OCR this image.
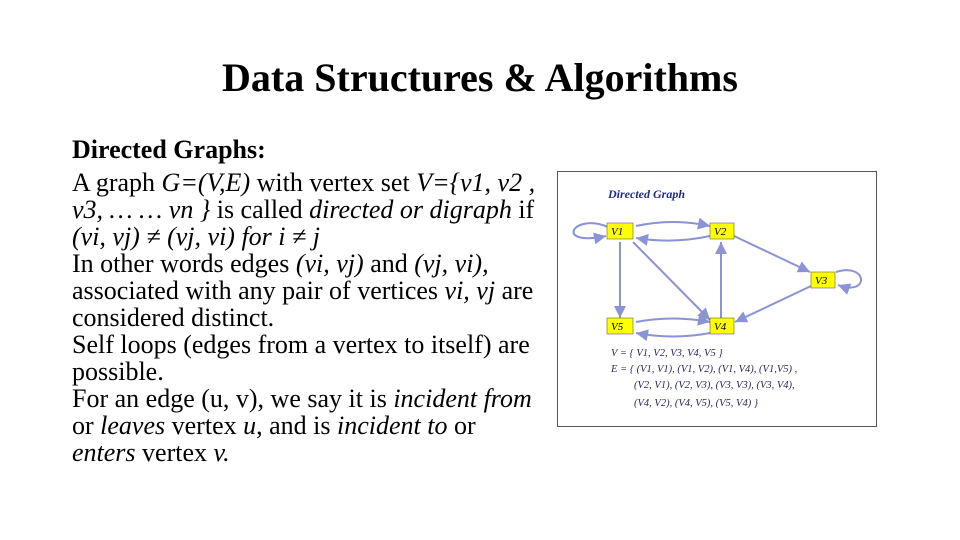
Data Structures & Algorithms

Directed Graphs:

A graph G=(V,E) with vertex set V={v1, v2 , v3, … … vn } is called directed or digraph if (vi, vj) ≠ (vj, vi) for i ≠ j

In other words edges (vi, vj) and (vj, vi), associated with any pair of vertices vi, vj are considered distinct.

Self loops (edges from a vertex to itself) are possible.

For an edge (u, v), we say it is incident from or leaves vertex u, and is incident to or enters vertex v.

Directed Graph
V1	V2
V3
V4
V5
V = { V1, V2, V3, V4, V5 }
E = { (V1, V1), (V1, V2), (V1, V4), (V1,V5) ,
(V2, V1), (V2, V3), (V3, V3), (V3, V4),
(V4, V2), (V4, V5), (V5, V4) }
